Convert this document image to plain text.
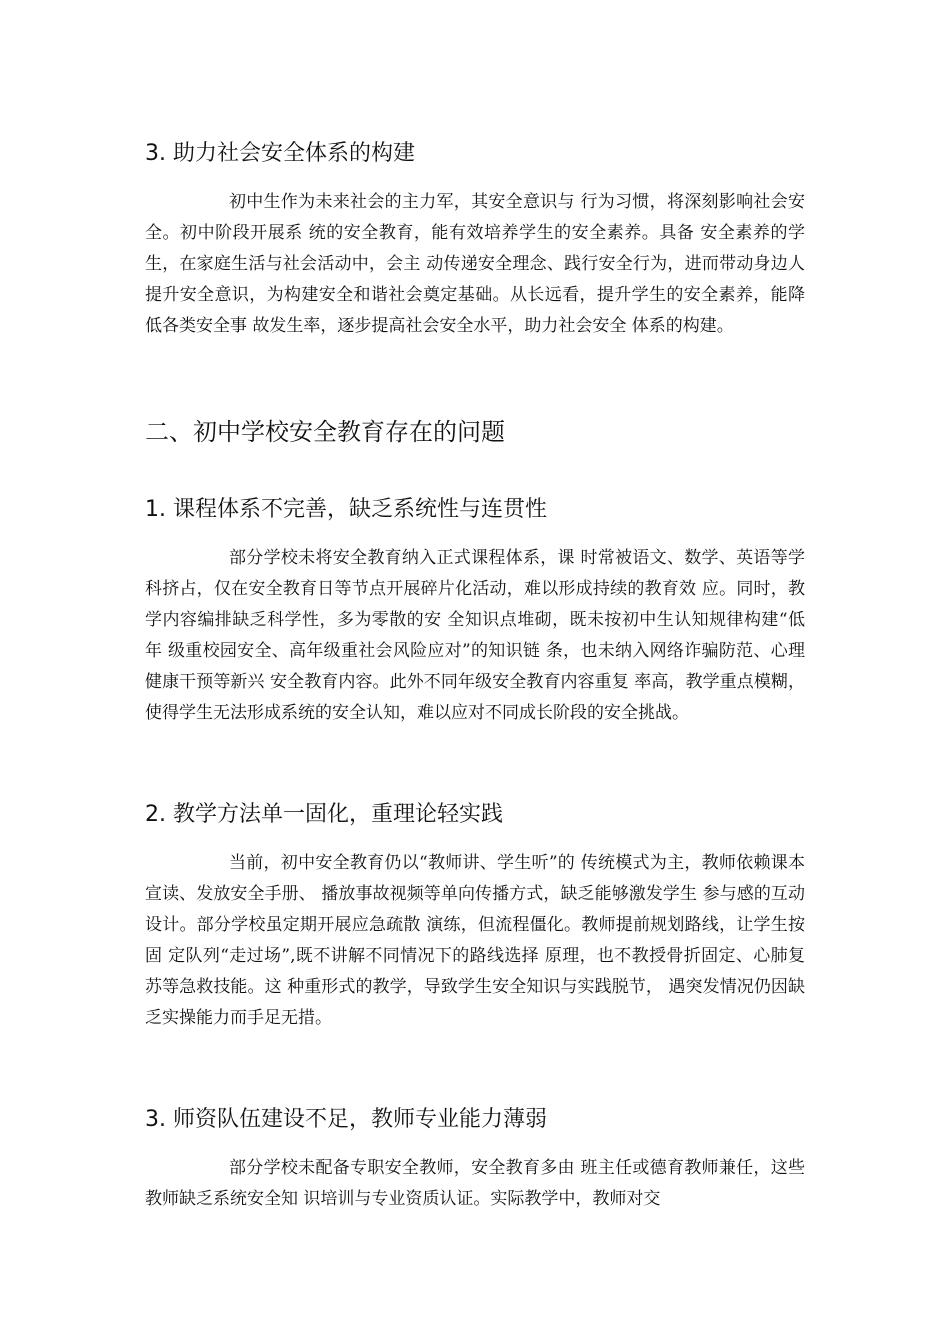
3. 助力社会安全体系的构建

初中生作为未来社会的主力军，其安全意识与 行为习惯，将深刻影响社会安全。初中阶段开展系 统的安全教育，能有效培养学生的安全素养。具备 安全素养的学生，在家庭生活与社会活动中，会主 动传递安全理念、践行安全行为，进而带动身边人 提升安全意识，为构建安全和谐社会奠定基础。从长远看，提升学生的安全素养，能降低各类安全事 故发生率，逐步提高社会安全水平，助力社会安全 体系的构建。

二、初中学校安全教育存在的问题
1. 课程体系不完善，缺乏系统性与连贯性

部分学校未将安全教育纳入正式课程体系，课 时常被语文、数学、英语等学科挤占，仅在安全教育日等节点开展碎片化活动，难以形成持续的教育效 应。同时，教学内容编排缺乏科学性，多为零散的安 全知识点堆砌，既未按初中生认知规律构建“低年 级重校园安全、高年级重社会风险应对”的知识链 条，也未纳入网络诈骗防范、心理健康干预等新兴 安全教育内容。此外不同年级安全教育内容重复 率高，教学重点模糊，使得学生无法形成系统的安全认知，难以应对不同成长阶段的安全挑战。

2. 教学方法单一固化，重理论轻实践

当前，初中安全教育仍以“教师讲、学生听”的 传统模式为主，教师依赖课本宣读、发放安全手册、 播放事故视频等单向传播方式，缺乏能够激发学生 参与感的互动设计。部分学校虽定期开展应急疏散 演练，但流程僵化。教师提前规划路线，让学生按固 定队列“走过场”,既不讲解不同情况下的路线选择 原理，也不教授骨折固定、心肺复苏等急救技能。这 种重形式的教学，导致学生安全知识与实践脱节， 遇突发情况仍因缺乏实操能力而手足无措。

3. 师资队伍建设不足，教师专业能力薄弱

部分学校未配备专职安全教师，安全教育多由 班主任或德育教师兼任，这些教师缺乏系统安全知 识培训与专业资质认证。实际教学中，教师对交
